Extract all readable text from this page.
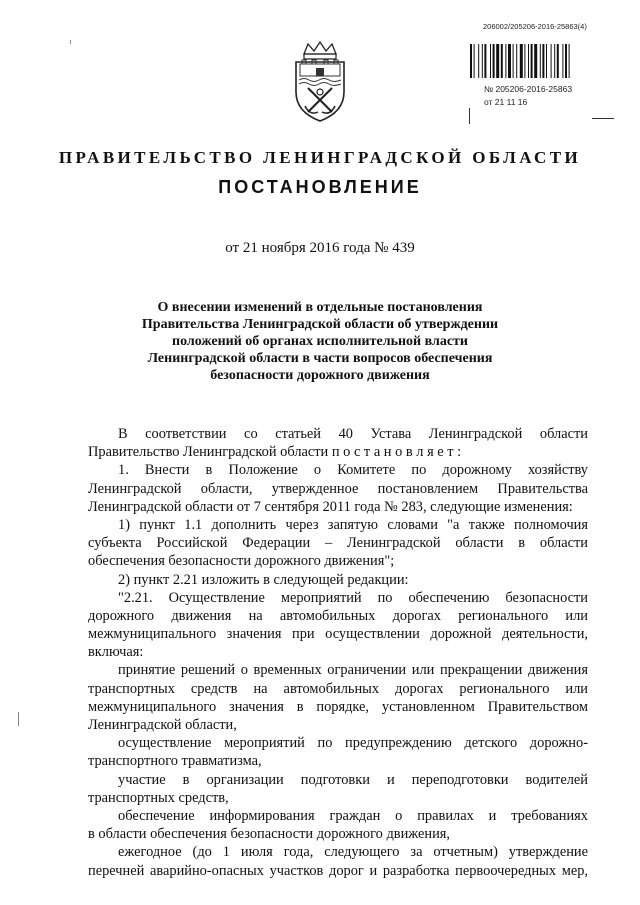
206002/205206-2016-25863(4)
№ 205206-2016-25863
от 21 11 16
ПРАВИТЕЛЬСТВО ЛЕНИНГРАДСКОЙ ОБЛАСТИ
ПОСТАНОВЛЕНИЕ
от 21 ноября 2016 года № 439
О внесении изменений в отдельные постановления
Правительства Ленинградской области об утверждении
положений об органах исполнительной власти
Ленинградской области в части вопросов обеспечения
безопасности дорожного движения
В соответствии со статьей 40 Устава Ленинградской области
Правительство Ленинградской области п о с т а н о в л я е т :
1. Внести в Положение о Комитете по дорожному хозяйству
Ленинградской области, утвержденное постановлением Правительства
Ленинградской области от 7 сентября 2011 года № 283, следующие изменения:
1) пункт 1.1 дополнить через запятую словами "а также полномочия
субъекта Российской Федерации – Ленинградской области в области
обеспечения безопасности дорожного движения";
2) пункт 2.21 изложить в следующей редакции:
"2.21. Осуществление мероприятий по обеспечению безопасности
дорожного движения на автомобильных дорогах регионального или
межмуниципального значения при осуществлении дорожной деятельности,
включая:
принятие решений о временных ограничении или прекращении движения
транспортных средств на автомобильных дорогах регионального или
межмуниципального значения в порядке, установленном Правительством
Ленинградской области,
осуществление мероприятий по предупреждению детского дорожно-
транспортного травматизма,
участие в организации подготовки и переподготовки водителей
транспортных средств,
обеспечение информирования граждан о правилах и требованиях
в области обеспечения безопасности дорожного движения,
ежегодное (до 1 июля года, следующего за отчетным) утверждение
перечней аварийно-опасных участков дорог и разработка первоочередных мер,
